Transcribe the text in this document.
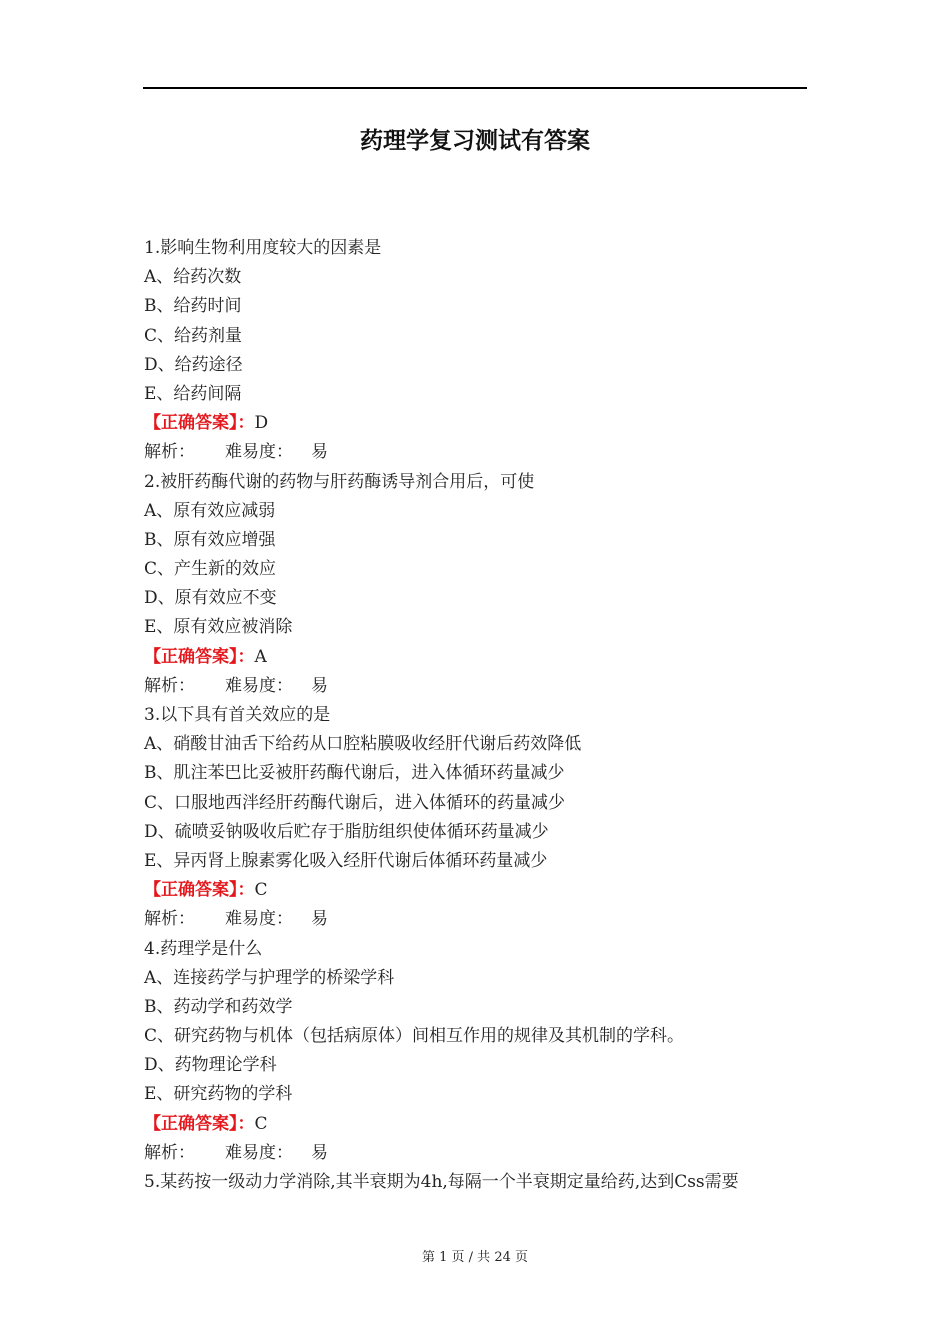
药理学复习测试有答案
1.影响生物利用度较大的因素是
A、给药次数
B、给药时间
C、给药剂量
D、给药途径
E、给药间隔
【正确答案】：D
解析： 难易度： 易
2.被肝药酶代谢的药物与肝药酶诱导剂合用后，可使
A、原有效应减弱
B、原有效应增强
C、产生新的效应
D、原有效应不变
E、原有效应被消除
【正确答案】：A
解析： 难易度： 易
3.以下具有首关效应的是
A、硝酸甘油舌下给药从口腔粘膜吸收经肝代谢后药效降低
B、肌注苯巴比妥被肝药酶代谢后，进入体循环药量减少
C、口服地西泮经肝药酶代谢后，进入体循环的药量减少
D、硫喷妥钠吸收后贮存于脂肪组织使体循环药量减少
E、异丙肾上腺素雾化吸入经肝代谢后体循环药量减少
【正确答案】：C
解析： 难易度： 易
4.药理学是什么
A、连接药学与护理学的桥梁学科
B、药动学和药效学
C、研究药物与机体（包括病原体）间相互作用的规律及其机制的学科。
D、药物理论学科
E、研究药物的学科
【正确答案】：C
解析： 难易度： 易
5.某药按一级动力学消除,其半衰期为4h,每隔一个半衰期定量给药,达到Css需要
第 1 页 / 共 24 页
